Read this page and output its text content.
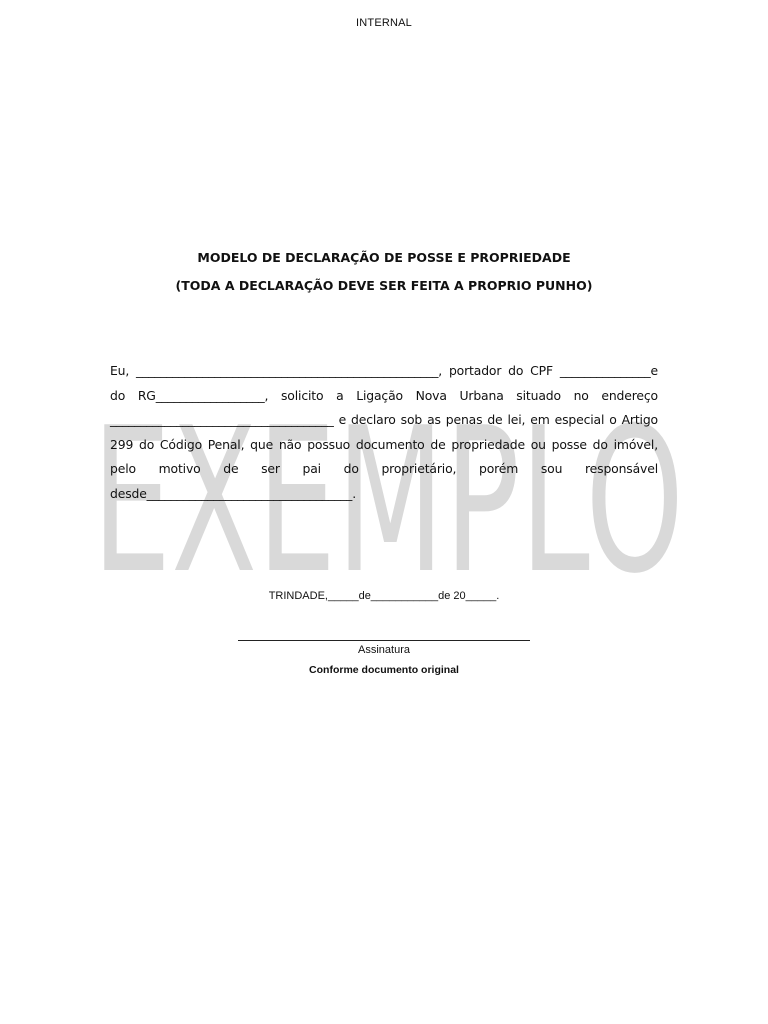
INTERNAL
EXEMPLO
MODELO DE DECLARAÇÃO DE POSSE E PROPRIEDADE
(TODA A DECLARAÇÃO DEVE SER FEITA A PROPRIO PUNHO)
Eu, __________________________________________________, portador do CPF _______________e do RG__________________, solicito a Ligação Nova Urbana situado no endereço _____________________________________ e declaro sob as penas de lei, em especial o Artigo 299 do Código Penal, que não possuo documento de propriedade ou posse do imóvel, pelo motivo de ser pai do proprietário, porém sou responsável desde__________________________________.
TRINDADE,_____de___________de 20_____.
Assinatura
Conforme documento original
